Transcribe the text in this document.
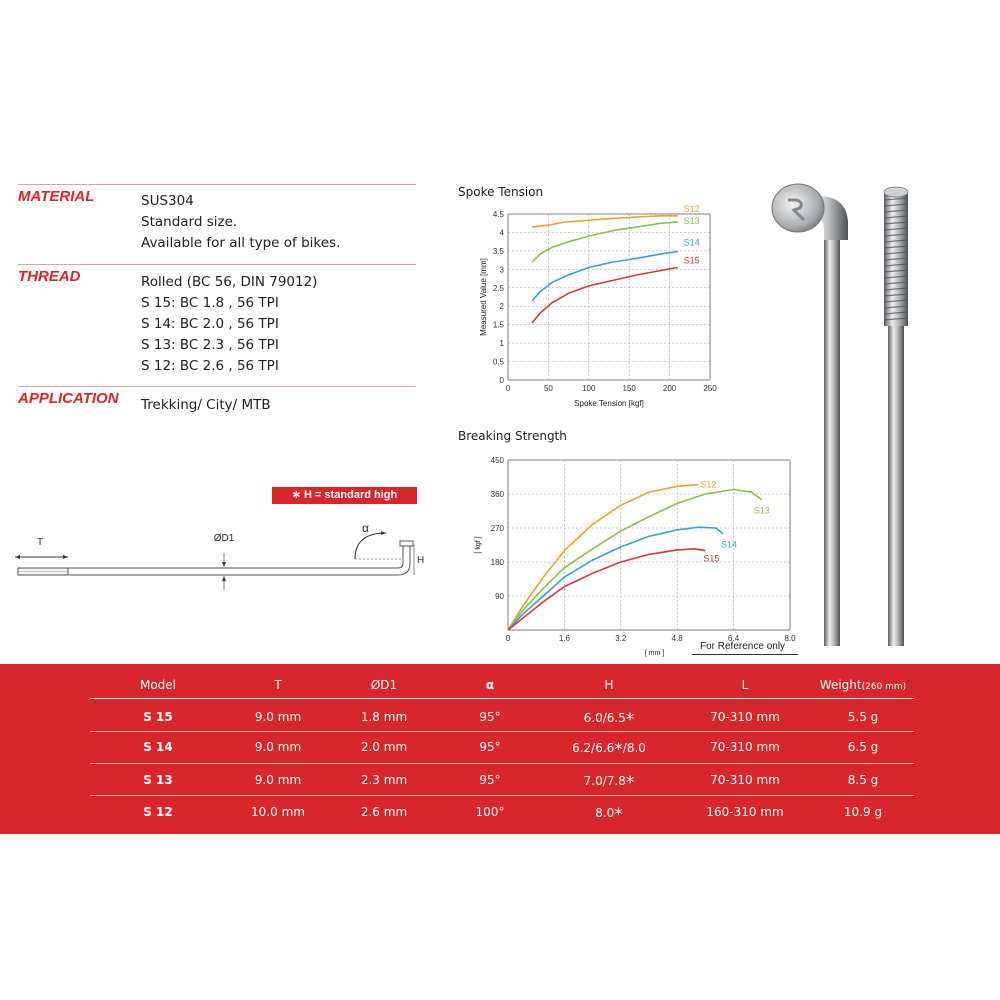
MATERIAL	SUS304
Standard size.
Available for all type of bikes.
THREAD	Rolled (BC 56, DIN 79012)
S 15: BC 1.8 , 56 TPI
S 14: BC 2.0 , 56 TPI
S 13: BC 2.3 , 56 TPI
S 12: BC 2.6 , 56 TPI
APPLICATION Trekking/ City/ MTB
∗ H = standard high
T
α
H
ØD1
Spoke Tension
0	50	100	150	200	250
0
0.5
1
1.5
2
2.5
3
3.5
4
4.5
Spoke Tension [kgf]
Measured Value [mm]
S12
S13
S14
S15
Breaking Strength
0	1.6	3.2	4.8	6.4	8.0
90
180
270
360
450
[ mm ]
[ kgf ]
S12
S13
S14
S15
For Reference only
Model	T	ØD1	α	H	L	Weight(260 mm)
S 15	9.0 mm	1.8 mm	95°	6.0/6.5*	70-310 mm	5.5 g
S 14	9.0 mm	2.0 mm	95°	6.2/6.6*/8.0	70-310 mm	6.5 g
S 13	9.0 mm	2.3 mm	95°	7.0/7.8*	70-310 mm	8.5 g
S 12	10.0 mm	2.6 mm	100°	8.0*	160-310 mm	10.9 g
